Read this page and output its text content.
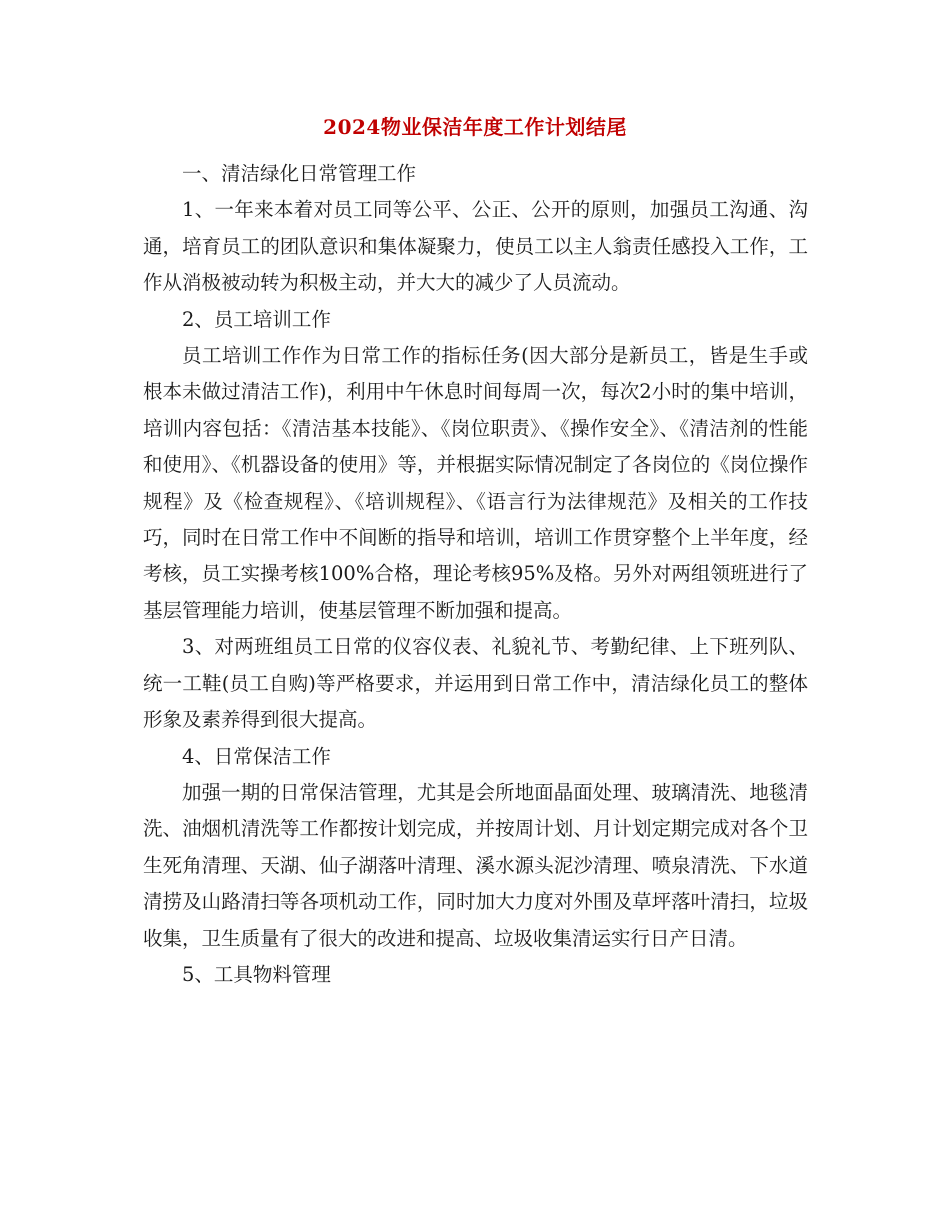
2024物业保洁年度工作计划结尾

一、清洁绿化日常管理工作

1、一年来本着对员工同等公平、公正、公开的原则，加强员工沟通、沟通，培育员工的团队意识和集体凝聚力，使员工以主人翁责任感投入工作，工作从消极被动转为积极主动，并大大的减少了人员流动。

2、员工培训工作

员工培训工作作为日常工作的指标任务(因大部分是新员工，皆是生手或根本未做过清洁工作)，利用中午休息时间每周一次，每次2小时的集中培训，培训内容包括：《清洁基本技能》、《岗位职责》、《操作安全》、《清洁剂的性能和使用》、《机器设备的使用》等，并根据实际情况制定了各岗位的《岗位操作规程》及《检查规程》、《培训规程》、《语言行为法律规范》及相关的工作技巧，同时在日常工作中不间断的指导和培训，培训工作贯穿整个上半年度，经考核，员工实操考核100%合格，理论考核95%及格。另外对两组领班进行了基层管理能力培训，使基层管理不断加强和提高。

3、对两班组员工日常的仪容仪表、礼貌礼节、考勤纪律、上下班列队、统一工鞋(员工自购)等严格要求，并运用到日常工作中，清洁绿化员工的整体形象及素养得到很大提高。

4、日常保洁工作

加强一期的日常保洁管理，尤其是会所地面晶面处理、玻璃清洗、地毯清洗、油烟机清洗等工作都按计划完成，并按周计划、月计划定期完成对各个卫生死角清理、天湖、仙子湖落叶清理、溪水源头泥沙清理、喷泉清洗、下水道清捞及山路清扫等各项机动工作，同时加大力度对外围及草坪落叶清扫，垃圾收集，卫生质量有了很大的改进和提高、垃圾收集清运实行日产日清。

5、工具物料管理
